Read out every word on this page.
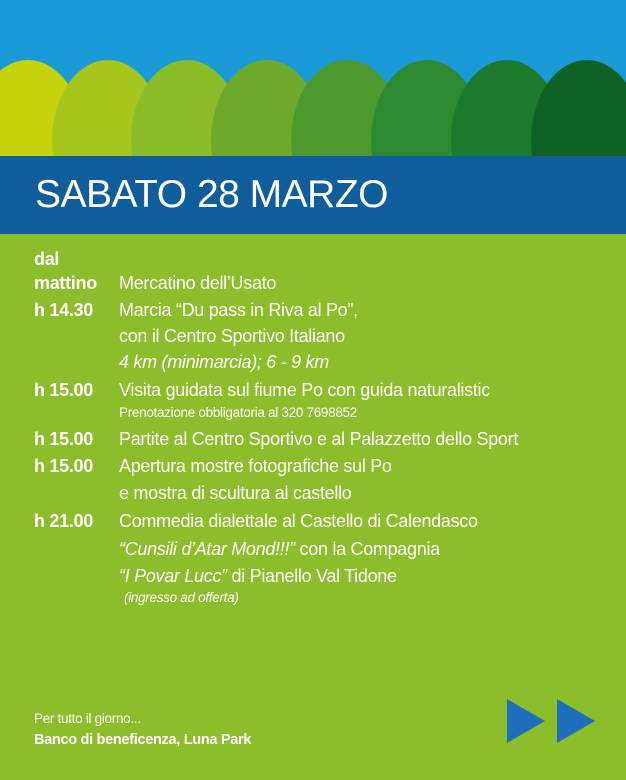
SABATO 28 MARZO
dal
mattino Mercatino dell’Usato
h 14.30 Marcia “Du pass in Riva al Po”,
con il Centro Sportivo Italiano
4 km (minimarcia); 6 - 9 km
h 15.00 Visita guidata sul fiume Po con guida naturalistic
Prenotazione obbligatoria al 320 7698852
h 15.00 Partite al Centro Sportivo e al Palazzetto dello Sport
h 15.00 Apertura mostre fotografiche sul Po
e mostra di scultura al castello
h 21.00 Commedia dialettale al Castello di Calendasco
“Cunsili d’Atar Mond!!!” con la Compagnia
“I Povar Lucc” di Pianello Val Tidone
(ingresso ad offerta)
Per tutto il giorno...
Banco di beneficenza, Luna Park
